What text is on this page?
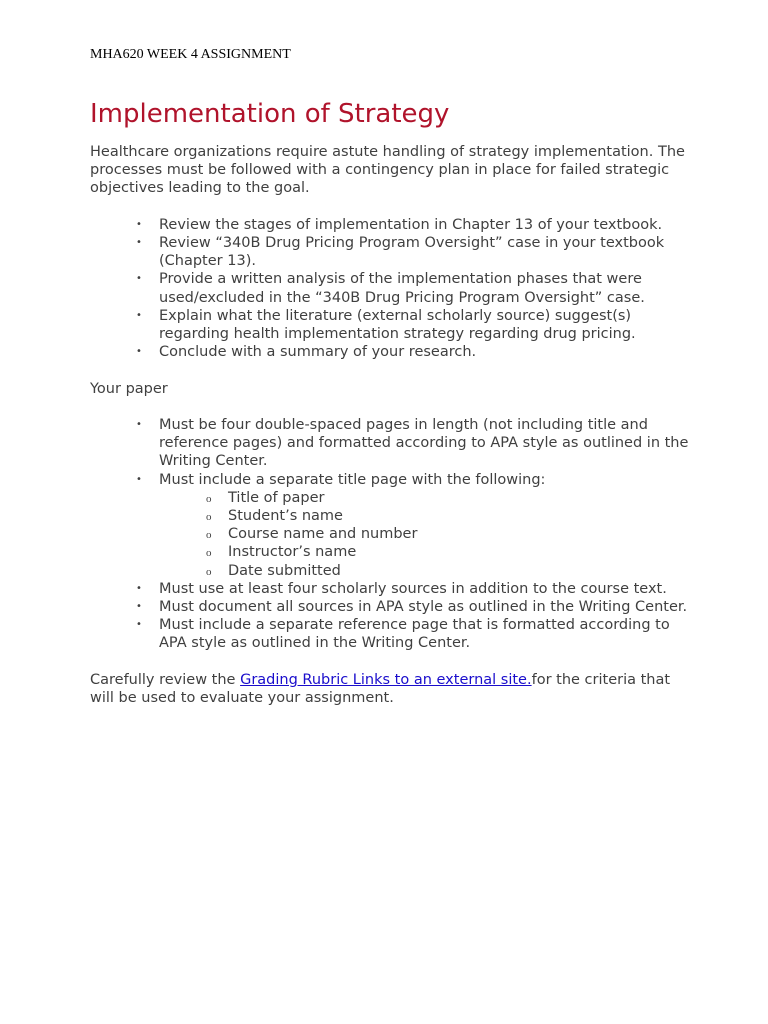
MHA620 WEEK 4 ASSIGNMENT
Implementation of Strategy

Healthcare organizations require astute handling of strategy implementation. The processes must be followed with a contingency plan in place for failed strategic objectives leading to the goal.

• Review the stages of implementation in Chapter 13 of your textbook.
• Review “340B Drug Pricing Program Oversight” case in your textbook (Chapter 13).
• Provide a written analysis of the implementation phases that were used/excluded in the “340B Drug Pricing Program Oversight” case.
• Explain what the literature (external scholarly source) suggest(s) regarding health implementation strategy regarding drug pricing.
• Conclude with a summary of your research.

Your paper

• Must be four double-spaced pages in length (not including title and reference pages) and formatted according to APA style as outlined in the Writing Center.
• Must include a separate title page with the following:
o Title of paper
o Student’s name
o Course name and number
o Instructor’s name
o Date submitted
• Must use at least four scholarly sources in addition to the course text.
• Must document all sources in APA style as outlined in the Writing Center.
• Must include a separate reference page that is formatted according to APA style as outlined in the Writing Center.

Carefully review the Grading Rubric Links to an external site.for the criteria that will be used to evaluate your assignment.
